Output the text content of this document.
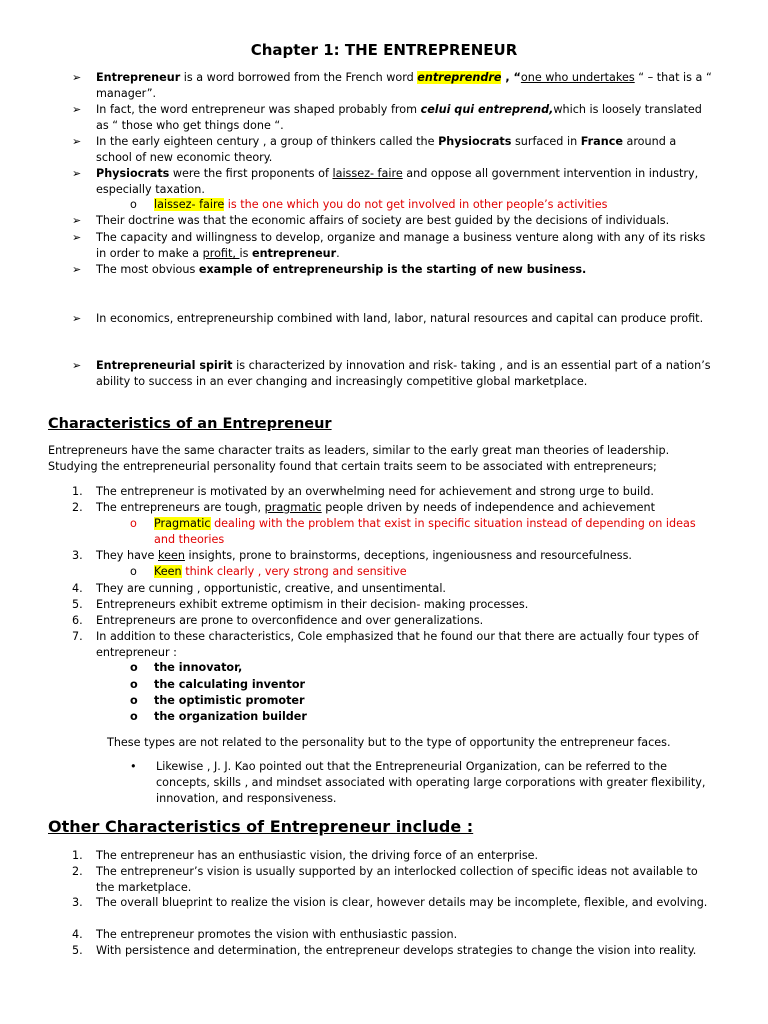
Chapter 1: THE ENTREPRENEUR
➢	Entrepreneur is a word borrowed from the French word entreprendre , “one who undertakes “ – that is a “ manager”.
➢	In fact, the word entrepreneur was shaped probably from celui qui entreprend,which is loosely translated as “ those who get things done “.
➢	In the early eighteen century , a group of thinkers called the Physiocrats surfaced in France around a school of new economic theory.
➢	Physiocrats were the first proponents of laissez- faire and oppose all government intervention in industry, especially taxation.
o	laissez- faire is the one which you do not get involved in other people’s activities
➢	Their doctrine was that the economic affairs of society are best guided by the decisions of individuals.
➢	The capacity and willingness to develop, organize and manage a business venture along with any of its risks in order to make a profit, is entrepreneur.
➢	The most obvious example of entrepreneurship is the starting of new business.
➢	In economics, entrepreneurship combined with land, labor, natural resources and capital can produce profit.
➢	Entrepreneurial spirit is characterized by innovation and risk- taking , and is an essential part of a nation’s ability to success in an ever changing and increasingly competitive global marketplace.
Characteristics of an Entrepreneur
Entrepreneurs have the same character traits as leaders, similar to the early great man theories of leadership. Studying the entrepreneurial personality found that certain traits seem to be associated with entrepreneurs;
1.	The entrepreneur is motivated by an overwhelming need for achievement and strong urge to build.
2.	The entrepreneurs are tough, pragmatic people driven by needs of independence and achievement
o	Pragmatic dealing with the problem that exist in specific situation instead of depending on ideas and theories
3.	They have keen insights, prone to brainstorms, deceptions, ingeniousness and resourcefulness.
o	Keen think clearly , very strong and sensitive
4.	They are cunning , opportunistic, creative, and unsentimental.
5.	Entrepreneurs exhibit extreme optimism in their decision- making processes.
6.	Entrepreneurs are prone to overconfidence and over generalizations.
7.	In addition to these characteristics, Cole emphasized that he found our that there are actually four types of entrepreneur :
o	the innovator,
o	the calculating inventor
o	the optimistic promoter
o	the organization builder
These types are not related to the personality but to the type of opportunity the entrepreneur faces.
•	Likewise , J. J. Kao pointed out that the Entrepreneurial Organization, can be referred to the concepts, skills , and mindset associated with operating large corporations with greater flexibility, innovation, and responsiveness.
Other Characteristics of Entrepreneur include :
1.	The entrepreneur has an enthusiastic vision, the driving force of an enterprise.
2.	The entrepreneur’s vision is usually supported by an interlocked collection of specific ideas not available to the marketplace.
3.	The overall blueprint to realize the vision is clear, however details may be incomplete, flexible, and evolving.
4.	The entrepreneur promotes the vision with enthusiastic passion.
5.	With persistence and determination, the entrepreneur develops strategies to change the vision into reality.
